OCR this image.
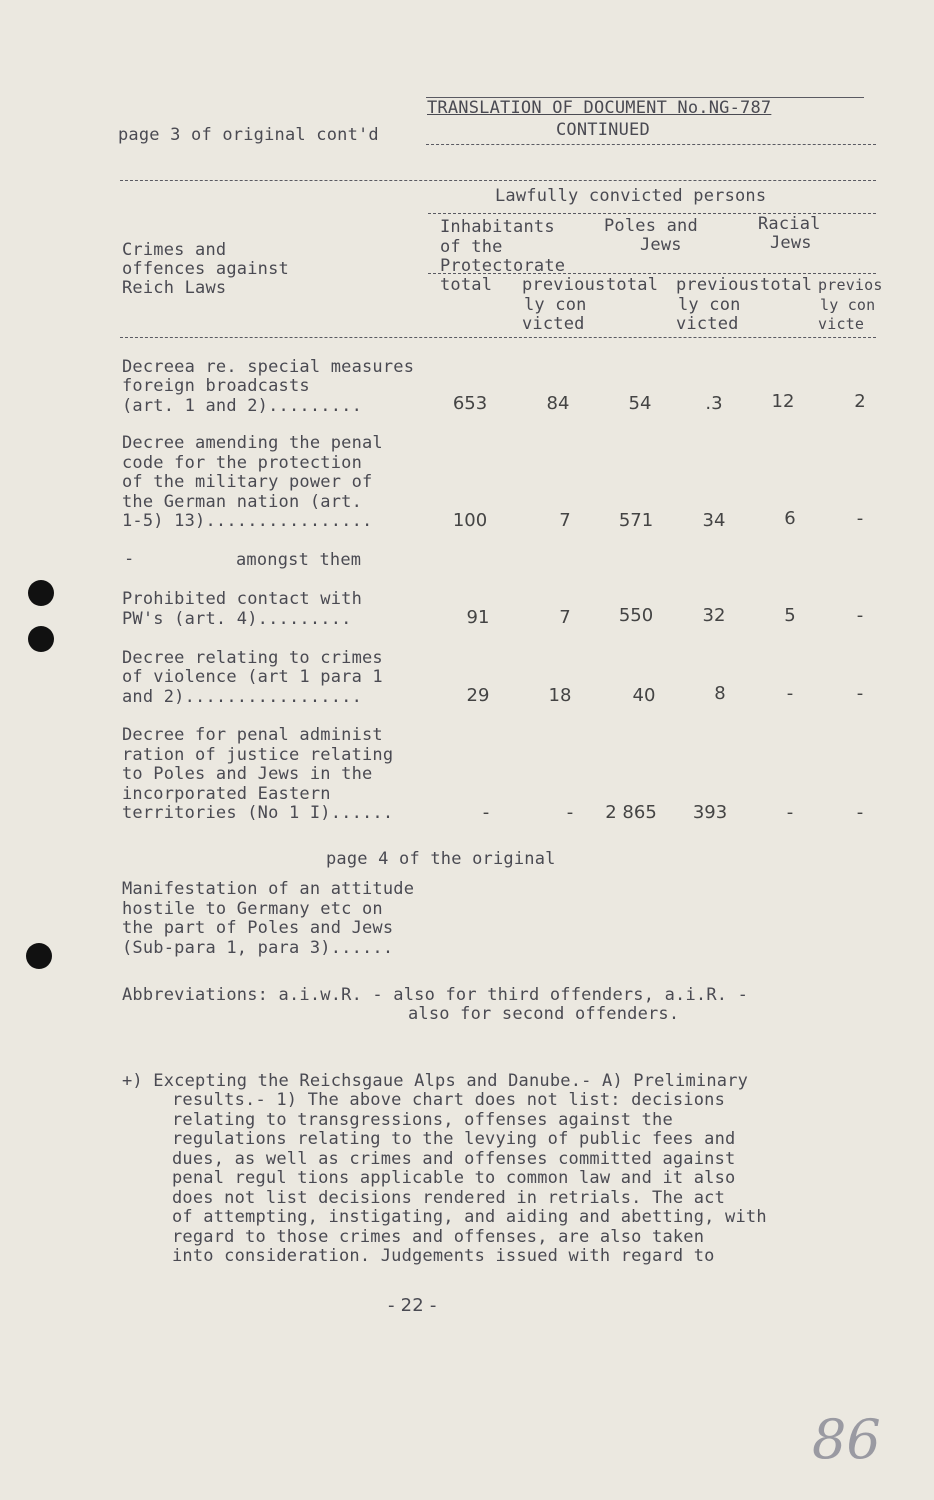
page 3 of original cont'd
TRANSLATION OF DOCUMENT No.NG-787
CONTINUED
Lawfully convicted persons
Crimes and
offences against
Reich Laws
Inhabitants
of the
Protectorate
Poles and
Jews
Racial
Jews
total previous
ly con
victed
total previous
ly con
victed
total previos
ly con
victe
Decreea re. special measures
foreign broadcasts
(art. 1 and 2).........	653	84	54	.3	12	2
Decree amending the penal
code for the protection
of the military power of
the German nation (art.
1-5) 13)................	100	7	571	34	6	-
-	amongst them
Prohibited contact with
PW's (art. 4).........	91	7	550	32	5	-
Decree relating to crimes
of violence (art 1 para 1
and 2).................	29	18	40	8	-	-
Decree for penal administ
ration of justice relating
to Poles and Jews in the
incorporated Eastern
territories (No 1 I)......	-	-	2 865	393	-	-
page 4 of the original
Manifestation of an attitude
hostile to Germany etc on
the part of Poles and Jews
(Sub-para 1, para 3)......
Abbreviations: a.i.w.R. - also for third offenders, a.i.R. -
also for second offenders.
+) Excepting the Reichsgaue Alps and Danube.- A) Preliminary
results.- 1) The above chart does not list: decisions
relating to transgressions, offenses against the
regulations relating to the levying of public fees and
dues, as well as crimes and offenses committed against
penal regul tions applicable to common law and it also
does not list decisions rendered in retrials. The act
of attempting, instigating, and aiding and abetting, with
regard to those crimes and offenses, are also taken
into consideration. Judgements issued with regard to
- 22 -
86
